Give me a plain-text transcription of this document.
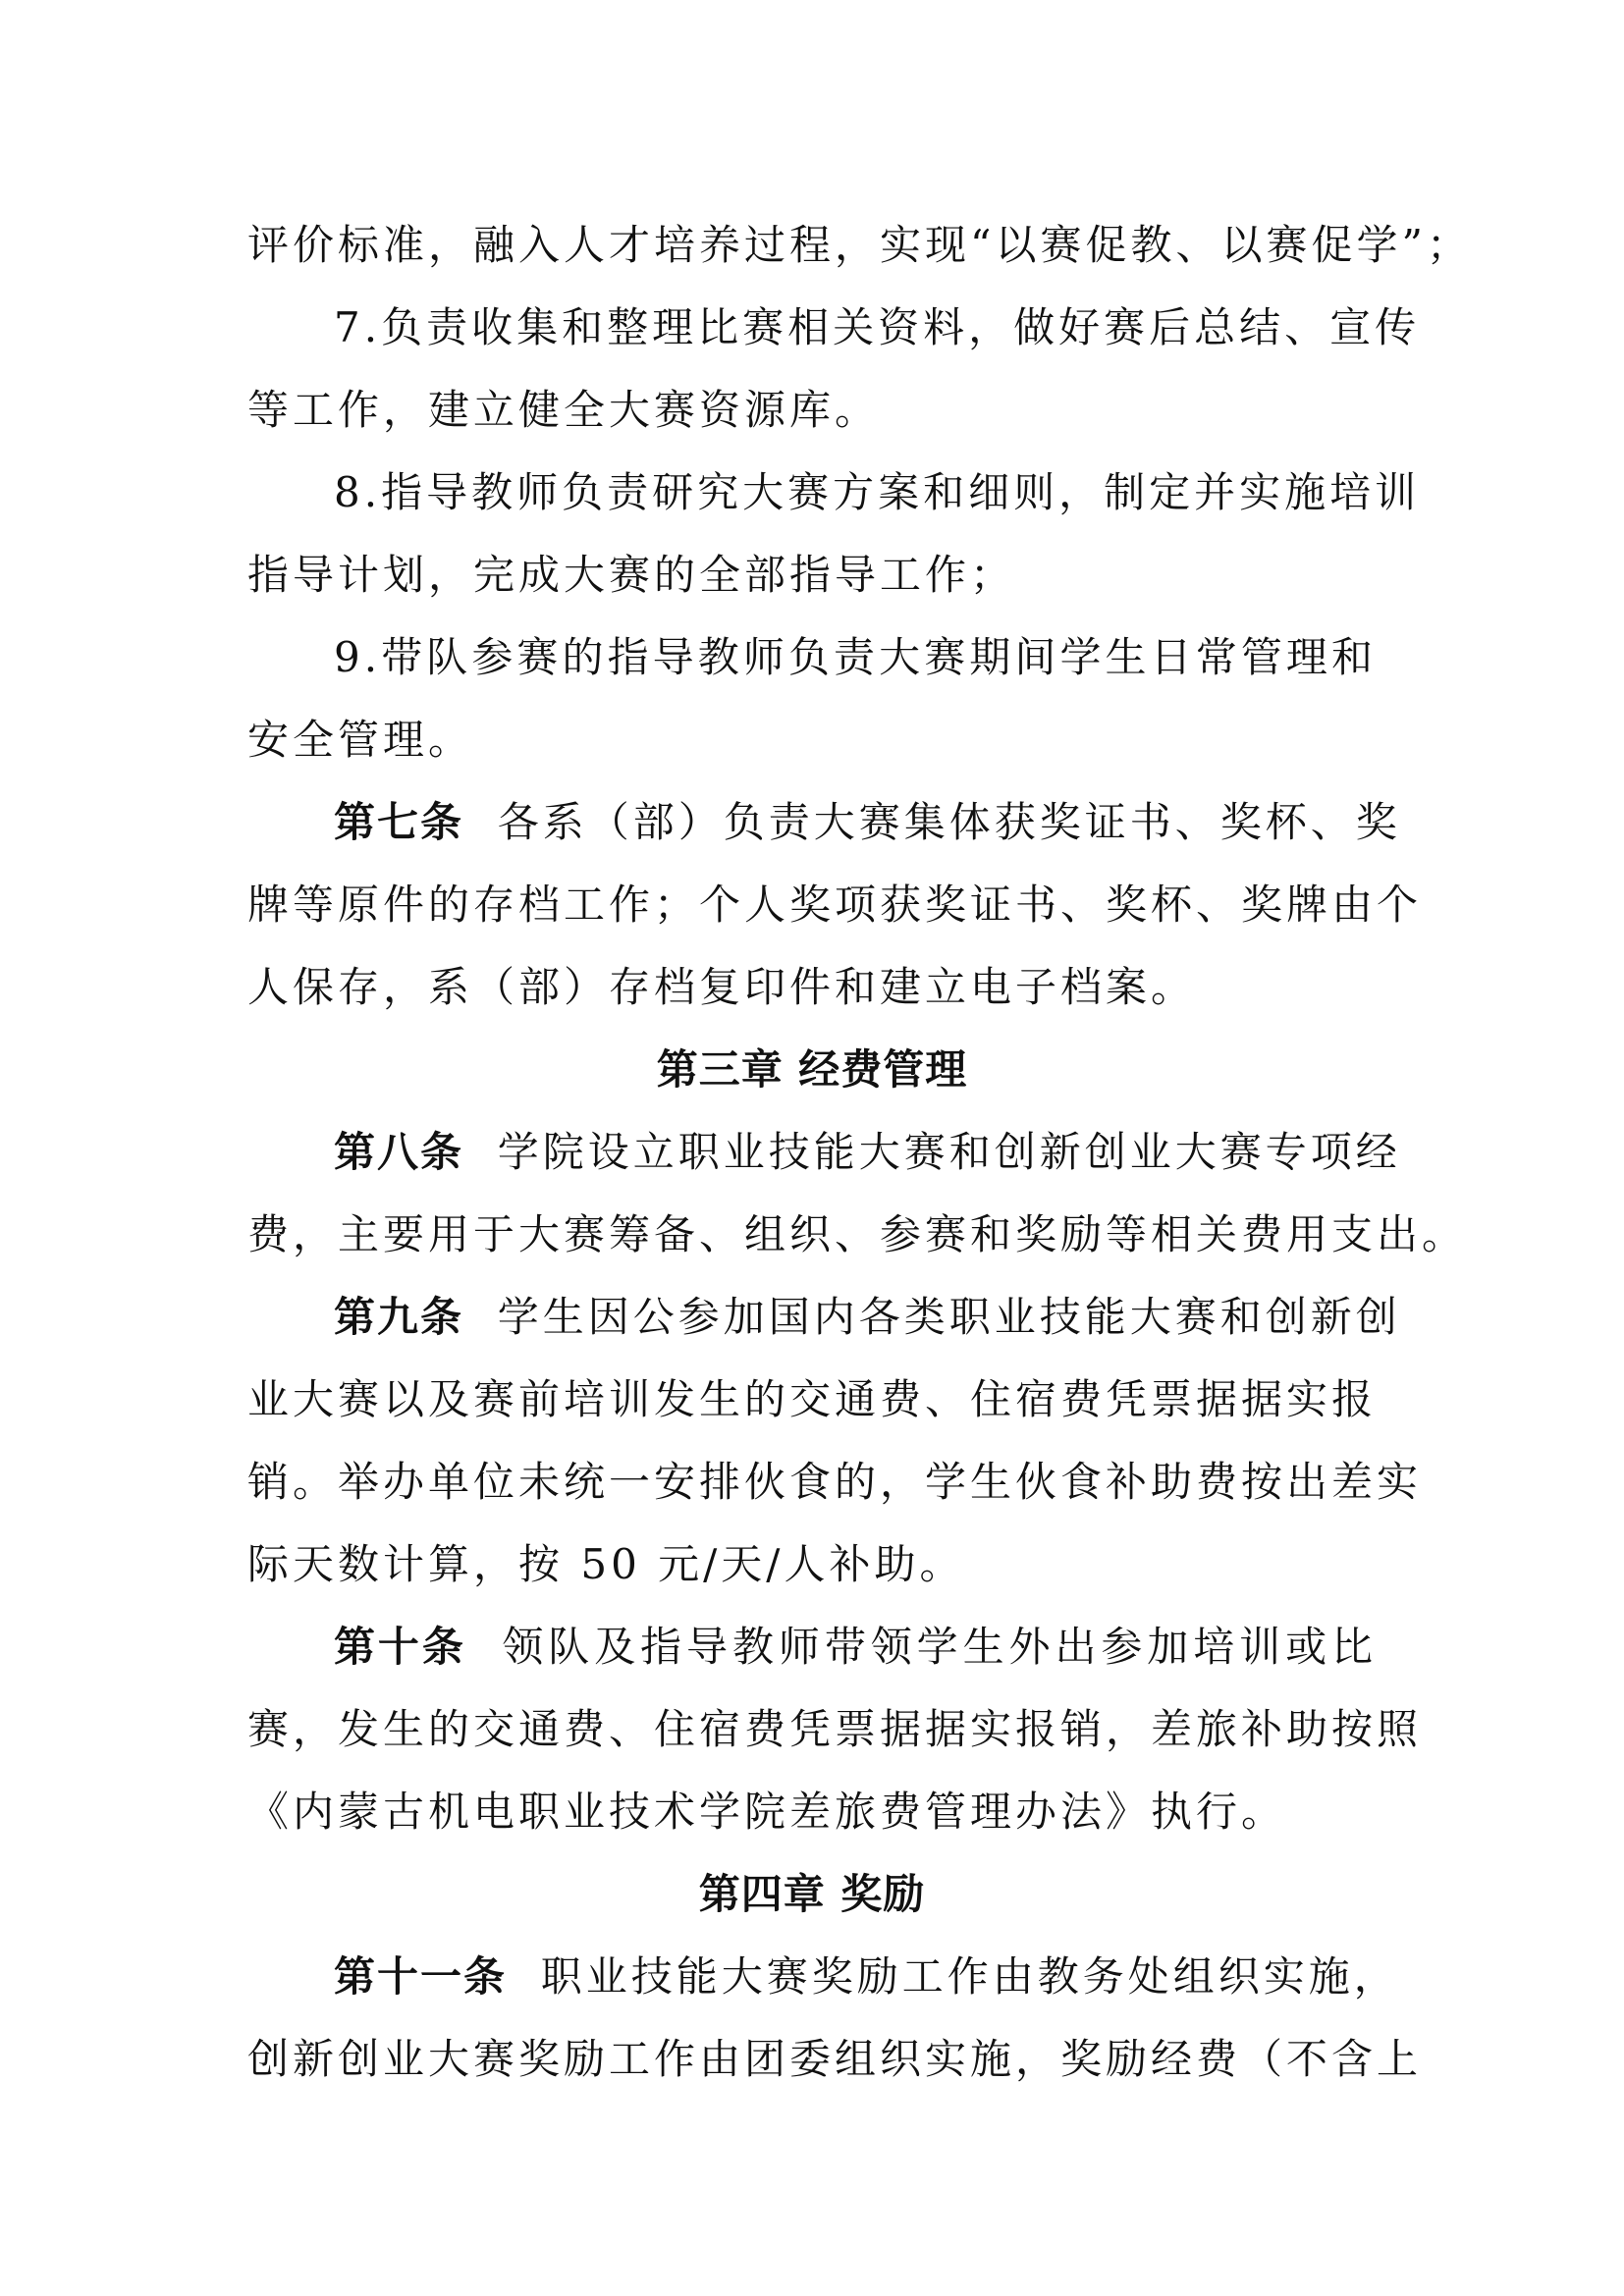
评价标准，融入人才培养过程，实现“以赛促教、以赛促学”；
7.负责收集和整理比赛相关资料，做好赛后总结、宣传
等工作，建立健全大赛资源库。
8.指导教师负责研究大赛方案和细则，制定并实施培训
指导计划，完成大赛的全部指导工作；
9.带队参赛的指导教师负责大赛期间学生日常管理和
安全管理。
第七条 各系（部）负责大赛集体获奖证书、奖杯、奖
牌等原件的存档工作；个人奖项获奖证书、奖杯、奖牌由个
人保存，系（部）存档复印件和建立电子档案。
第三章 经费管理
第八条 学院设立职业技能大赛和创新创业大赛专项经
费，主要用于大赛筹备、组织、参赛和奖励等相关费用支出。
第九条 学生因公参加国内各类职业技能大赛和创新创
业大赛以及赛前培训发生的交通费、住宿费凭票据据实报
销。举办单位未统一安排伙食的，学生伙食补助费按出差实
际天数计算，按 50 元/天/人补助。
第十条 领队及指导教师带领学生外出参加培训或比
赛，发生的交通费、住宿费凭票据据实报销，差旅补助按照
《内蒙古机电职业技术学院差旅费管理办法》执行。
第四章 奖励
第十一条 职业技能大赛奖励工作由教务处组织实施，
创新创业大赛奖励工作由团委组织实施，奖励经费（不含上
